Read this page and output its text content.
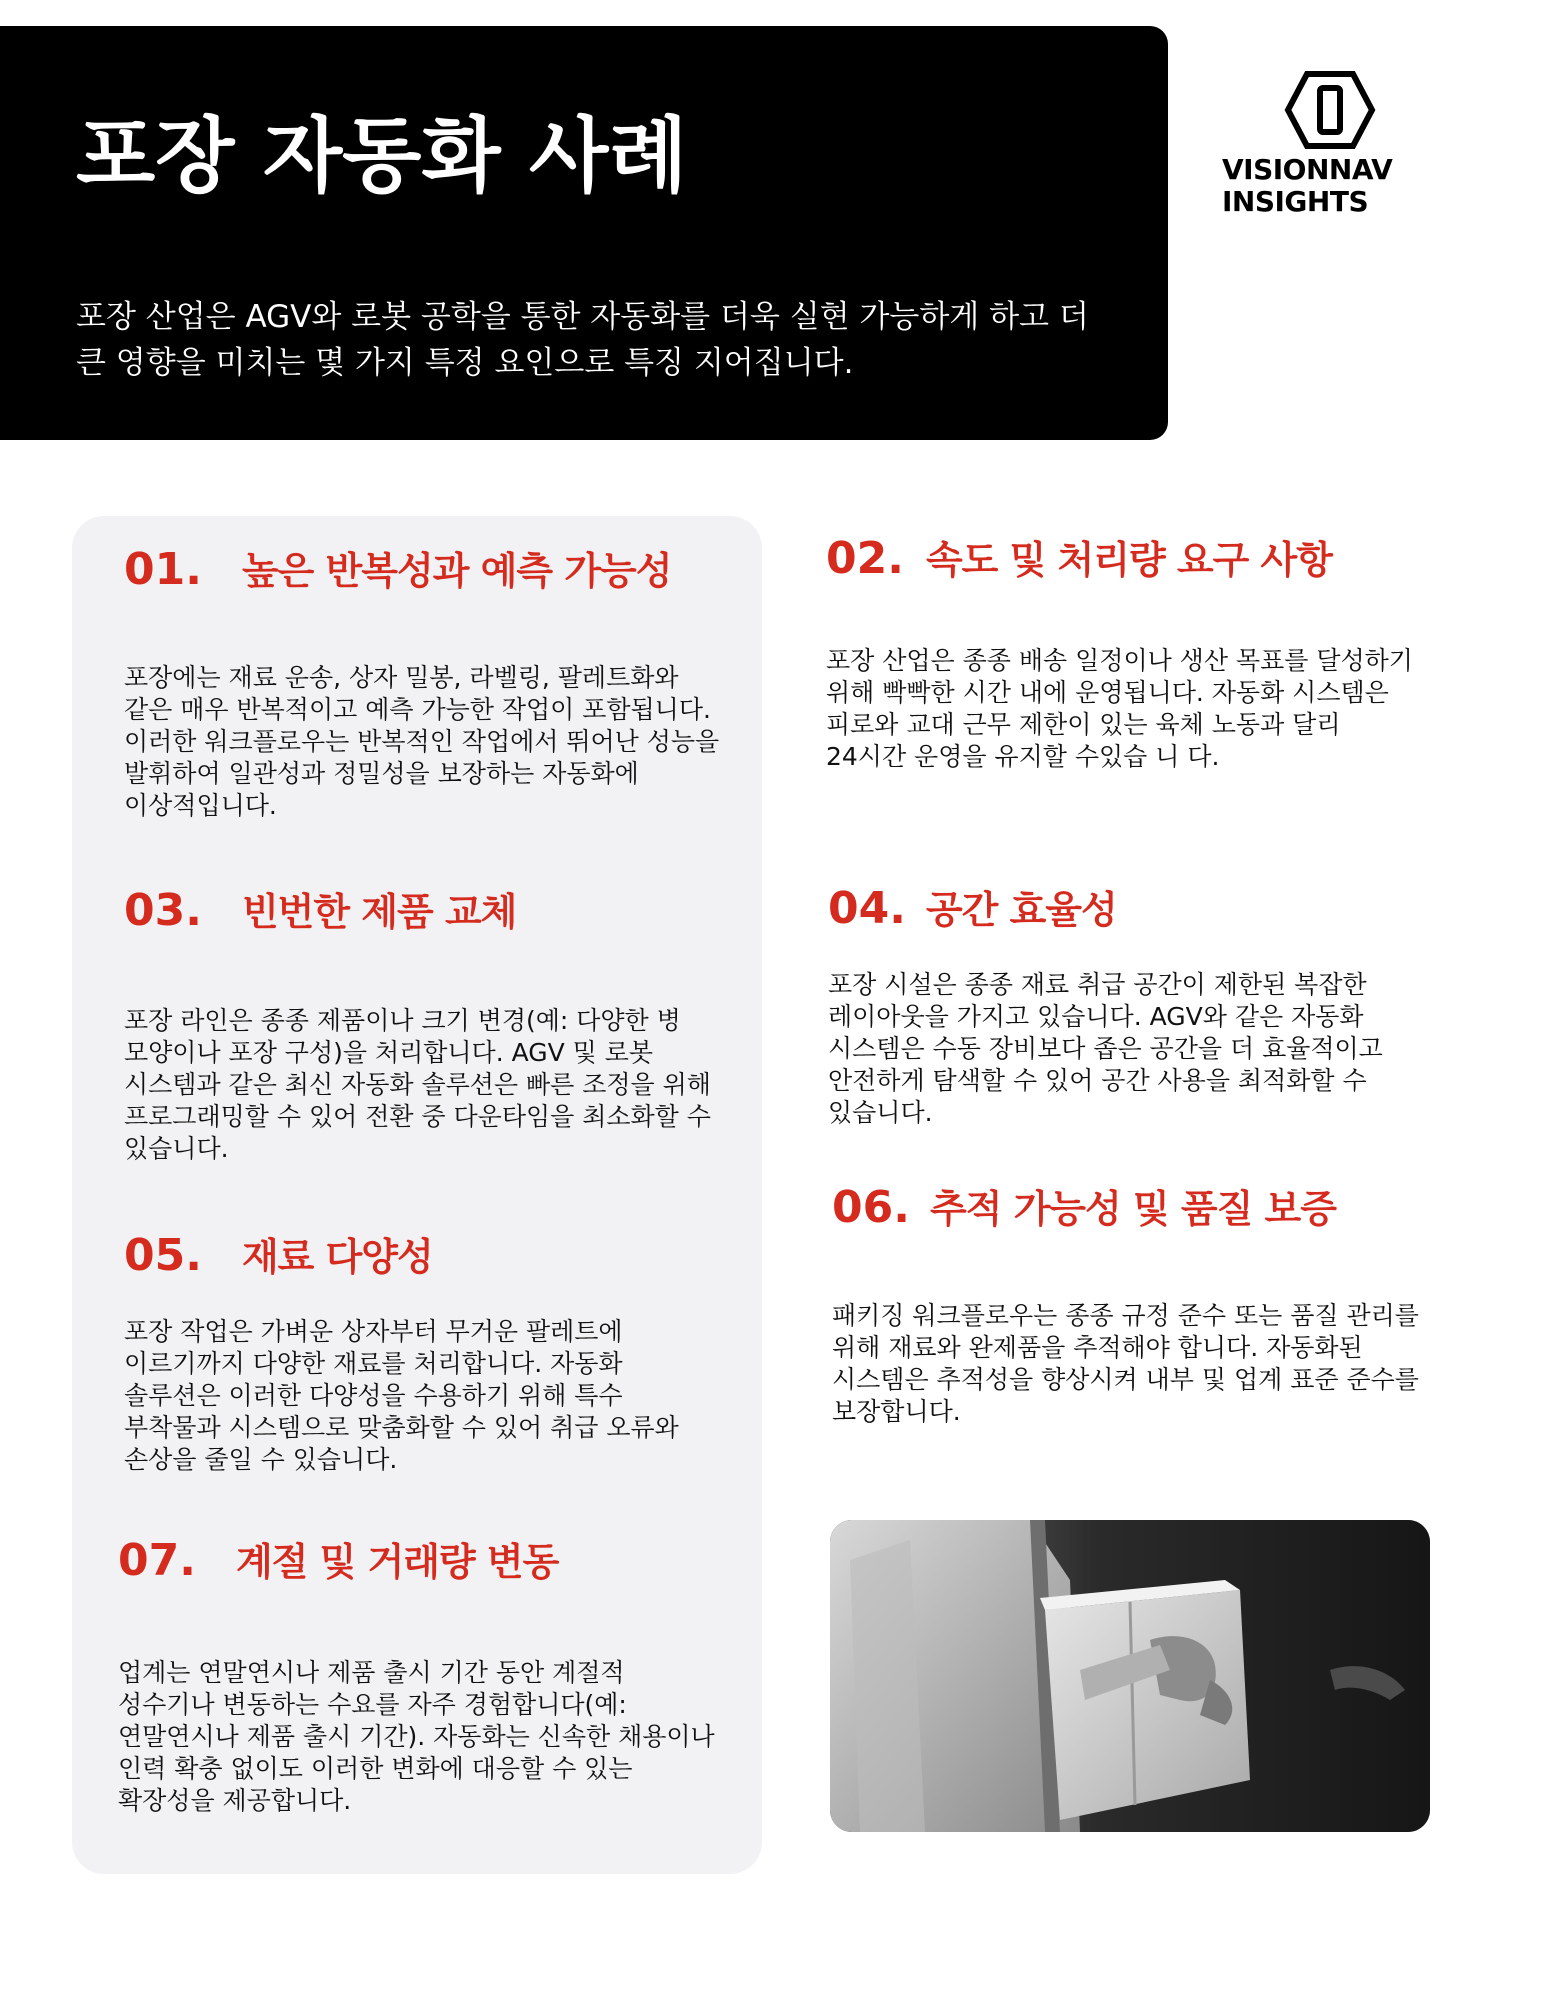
포장 자동화 사례

포장 산업은 AGV와 로봇 공학을 통한 자동화를 더욱 실현 가능하게 하고 더 큰 영향을 미치는 몇 가지 특정 요인으로 특징 지어집니다.

VISIONNAV
INSIGHTS
01. 높은 반복성과 예측 가능성

포장에는 재료 운송, 상자 밀봉, 라벨링, 팔레트화와 같은 매우 반복적이고 예측 가능한 작업이 포함됩니다. 이러한 워크플로우는 반복적인 작업에서 뛰어난 성능을 발휘하여 일관성과 정밀성을 보장하는 자동화에 이상적입니다.

02. 속도 및 처리량 요구 사항

포장 산업은 종종 배송 일정이나 생산 목표를 달성하기 위해 빡빡한 시간 내에 운영됩니다. 자동화 시스템은 피로와 교대 근무 제한이 있는 육체 노동과 달리 24시간 운영을 유지할 수있습 니 다.

03. 빈번한 제품 교체

포장 라인은 종종 제품이나 크기 변경(예: 다양한 병 모양이나 포장 구성)을 처리합니다. AGV 및 로봇 시스템과 같은 최신 자동화 솔루션은 빠른 조정을 위해 프로그래밍할 수 있어 전환 중 다운타임을 최소화할 수 있습니다.

04. 공간 효율성

포장 시설은 종종 재료 취급 공간이 제한된 복잡한 레이아웃을 가지고 있습니다. AGV와 같은 자동화 시스템은 수동 장비보다 좁은 공간을 더 효율적이고 안전하게 탐색할 수 있어 공간 사용을 최적화할 수 있습니다.

05. 재료 다양성

포장 작업은 가벼운 상자부터 무거운 팔레트에 이르기까지 다양한 재료를 처리합니다. 자동화 솔루션은 이러한 다양성을 수용하기 위해 특수 부착물과 시스템으로 맞춤화할 수 있어 취급 오류와 손상을 줄일 수 있습니다.

06. 추적 가능성 및 품질 보증

패키징 워크플로우는 종종 규정 준수 또는 품질 관리를 위해 재료와 완제품을 추적해야 합니다. 자동화된 시스템은 추적성을 향상시켜 내부 및 업계 표준 준수를 보장합니다.

07. 계절 및 거래량 변동

업계는 연말연시나 제품 출시 기간 동안 계절적 성수기나 변동하는 수요를 자주 경험합니다(예: 연말연시나 제품 출시 기간). 자동화는 신속한 채용이나 인력 확충 없이도 이러한 변화에 대응할 수 있는 확장성을 제공합니다.
